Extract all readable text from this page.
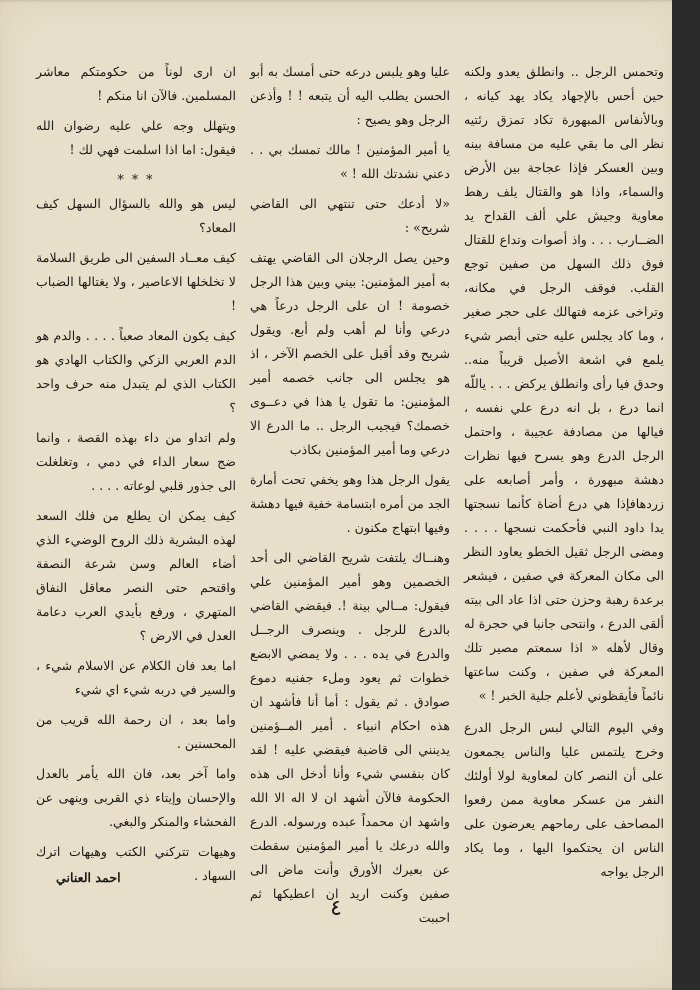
وتحمس الرجل .. وانطلق يعدو ولكنه حين أحس بالإجهاد يكاد يهد كيانه ، وبالأنفاس المبهورة تكاد تمزق رئتيه نظر الى ما بقي عليه من مسافة بينه وبين العسكر فإذا عجاجة بين الأرض والسماء، واذا هو والقتال يلف رهط معاوية وجيش علي ألف القداح يد الضــارب . . . واذ أصوات وتداع للقتال فوق ذلك السهل من صفين توجع القلب. فوقف الرجل في مكانه، وتراخى عزمه فتهالك على حجر صغير ، وما كاد يجلس عليه حتى أبصر شيء يلمع في اشعة الأصيل قريباً منه.. وحدق فيا رأى وانطلق يركض . . . ياللّه انما درع ، بل انه درع علي نفسه ، فيالها من مصادفة عجيبة ، واحتمل الرجل الدرع وهو يسرح فيها نظرات دهشة مبهورة ، وأمر أصابعه على زردهافإذا هي درع أضاة كأنما نسجتها يدا داود النبي فأحكمت نسجها . . . . ومضى الرجل ثقيل الخطو يعاود النظر الى مكان المعركة في صفين ، فيشعر برعدة رهبة وحزن حتى اذا عاد الى بيته ألقى الدرع ، وانتحى جانبا في حجرة له وقال لأهله « اذا سمعتم مصير تلك المعركة في صفين ، وكنت ساعتها نائماً فأيقظوني لأعلم جلية الخبر ! »

وفي اليوم التالي لبس الرجل الدرع وخرج يلتمس عليا والناس يجمعون على أن النصر كان لمعاوية لولا أولئك النفر من عسكر معاوية ممن رفعوا المصاحف على رماحهم يعرضون على الناس ان يحتكموا اليها ، وما يكاد الرجل يواجه

عليا وهو يلبس درعه حتى أمسك به أبو الحسن يطلب اليه أن يتبعه ! ! وأذعن الرجل وهو يصيح :

يا أمير المؤمنين ! مالك تمسك بي . . دعني نشدتك الله ! »

«لا أدعك حتى تنتهي الى القاضي شريح» :

وحين يصل الرجلان الى القاضي يهتف به أمير المؤمنين: بيني وبين هذا الرجل خصومة ! ان على الرجل درعاً هي درعي وأنا لم أهب ولم أبع. ويقول شريح وقد أقبل على الخصم الآخر ، اذ هو يجلس الى جانب خصمه أمير المؤمنين: ما تقول يا هذا في دعــوى خصمك؟ فيجيب الرجل .. ما الدرع الا درعي وما أمير المؤمنين بكاذب

يقول الرجل هذا وهو يخفي تحت أمارة الجد من أمره ابتسامة خفية فيها دهشة وفيها ابتهاج مكنون .

وهنــاك يلتفت شريح القاضي الى أحد الخصمين وهو أمير المؤمنين علي فيقول: مــالي بينة !. فيقضي القاضي بالدرع للرجل . وينصرف الرجــل والدرع في يده . . . ولا يمضي الابضع خطوات ثم يعود وملء جفنيه دموع صوادق . ثم يقول : أما أنا فأشهد ان هذه احكام انبياء . أمير المــؤمنين يدينني الى قاضية فيقضي عليه ! لقد كان بنفسي شيء وأنا أدخل الى هذه الحكومة فالآن أشهد ان لا اله الا الله واشهد ان محمداً عبده ورسوله. الدرع والله درعك يا أمير المؤمنين سقطت عن بعيرك الأورق وأنت ماض الى صفين وكنت اريد ان اعطيكها ثم احببت

ان ارى لوناً من حكومتكم معاشر المسلمين. فالآن انا منكم !

ويتهلل وجه علي عليه رضوان الله فيقول: اما اذا اسلمت فهي لك !

* * *

ليس هو والله بالسؤال السهل كيف المعاد؟

كيف معــاد السفين الى طريق السلامة لا تخلخلها الاعاصير ، ولا يغتالها الضباب !

كيف يكون المعاد صعباً . . . . والدم هو الدم العربي الزكي والكتاب الهادي هو الكتاب الذي لم يتبدل منه حرف واحد ؟

ولم اتداو من داء بهذه القصة ، وانما ضج سعار الداء في دمي ، وتغلغلت الى جذور قلبي لوعاته . . . .

كيف يمكن ان يطلع من فلك السعد لهذه البشرية ذلك الروح الوضيء الذي أضاء العالم وسن شرعة النصفة واقتحم حتى النصر معاقل النفاق المتهري ، ورفع بأيدي العرب دعامة العدل في الارض ؟

اما بعد فان الكلام عن الاسلام شيء ، والسير في دربه شيء اي شيء

واما بعد ، ان رحمة الله قريب من المحسنين .

واما آخر بعد، فان الله يأمر بالعدل والإحسان وإيتاء ذي القربى وينهى عن الفحشاء والمنكر والبغي.

وهيهات تتركني الكتب وهيهات اترك السهاد .

احمد العناني
٤
